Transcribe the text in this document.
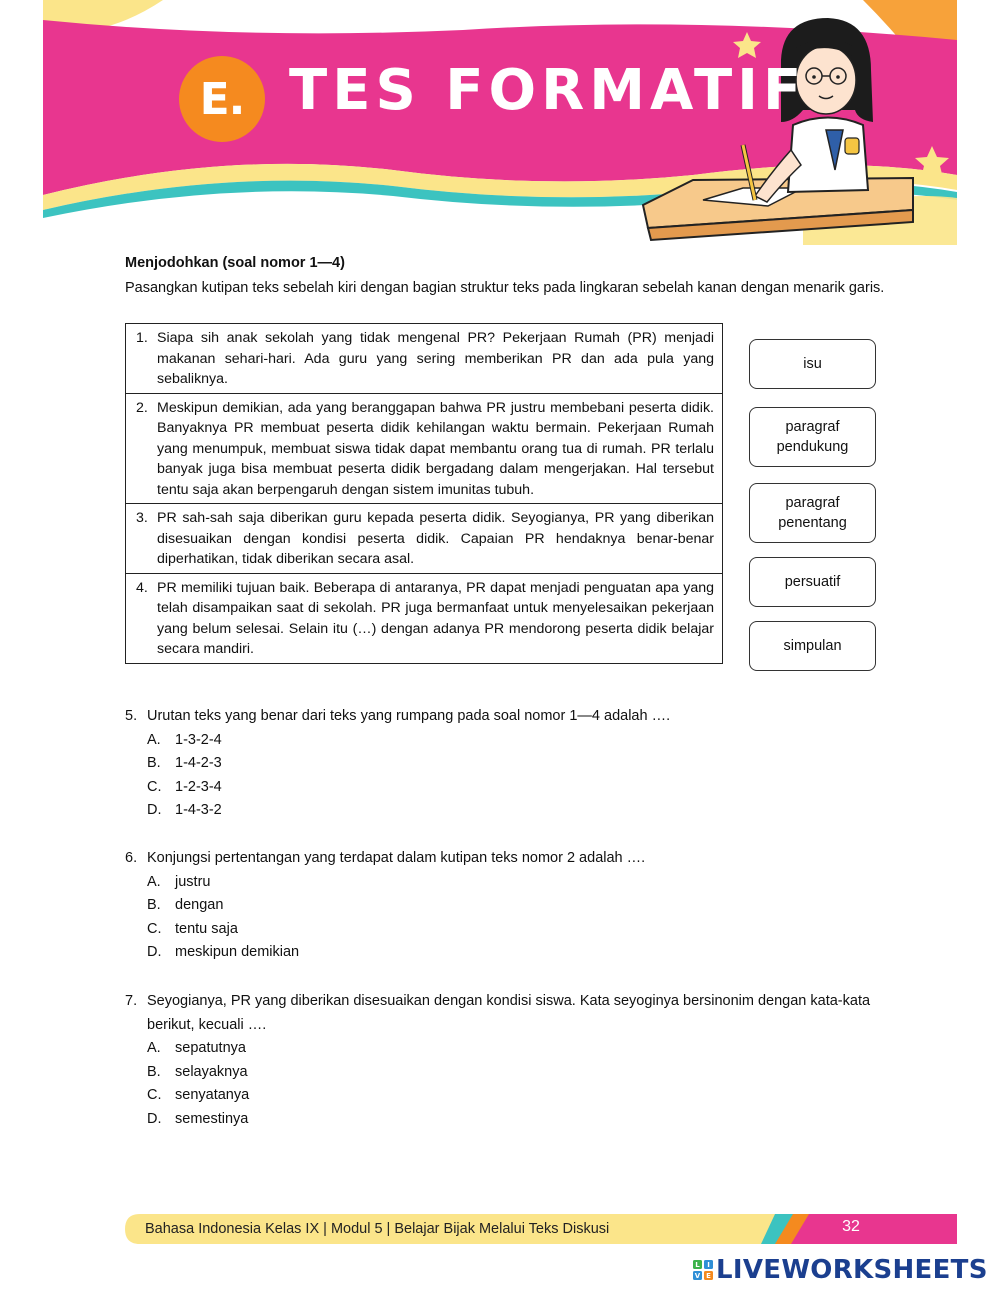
E. TES FORMATIF
Menjodohkan (soal nomor 1—4)
Pasangkan kutipan teks sebelah kiri dengan bagian struktur teks pada lingkaran sebelah kanan dengan menarik garis.
1. Siapa sih anak sekolah yang tidak mengenal PR? Pekerjaan Rumah (PR) menjadi makanan sehari-hari. Ada guru yang sering memberikan PR dan ada pula yang sebaliknya.
2. Meskipun demikian, ada yang beranggapan bahwa PR justru membebani peserta didik. Banyaknya PR membuat peserta didik kehilangan waktu bermain. Pekerjaan Rumah yang menumpuk, membuat siswa tidak dapat membantu orang tua di rumah. PR terlalu banyak juga bisa membuat peserta didik bergadang dalam mengerjakan. Hal tersebut tentu saja akan berpengaruh dengan sistem imunitas tubuh.
3. PR sah-sah saja diberikan guru kepada peserta didik. Seyogianya, PR yang diberikan disesuaikan dengan kondisi peserta didik. Capaian PR hendaknya benar-benar diperhatikan, tidak diberikan secara asal.
4. PR memiliki tujuan baik. Beberapa di antaranya, PR dapat menjadi penguatan apa yang telah disampaikan saat di sekolah. PR juga bermanfaat untuk menyelesaikan pekerjaan yang belum selesai. Selain itu (…) dengan adanya PR mendorong peserta didik belajar secara mandiri.
isu
paragraf pendukung
paragraf penentang
persuatif
simpulan
5. Urutan teks yang benar dari teks yang rumpang pada soal nomor 1—4 adalah ….
A. 1-3-2-4
B. 1-4-2-3
C. 1-2-3-4
D. 1-4-3-2
6. Konjungsi pertentangan yang terdapat dalam kutipan teks nomor 2 adalah ….
A. justru
B. dengan
C. tentu saja
D. meskipun demikian
7. Seyogianya, PR yang diberikan disesuaikan dengan kondisi siswa. Kata seyoginya bersinonim dengan kata-kata berikut, kecuali ….
A. sepatutnya
B. selayaknya
C. senyatanya
D. semestinya
Bahasa Indonesia Kelas IX | Modul 5 | Belajar Bijak Melalui Teks Diskusi	32
L	I
V E LIVEWORKSHEETS
